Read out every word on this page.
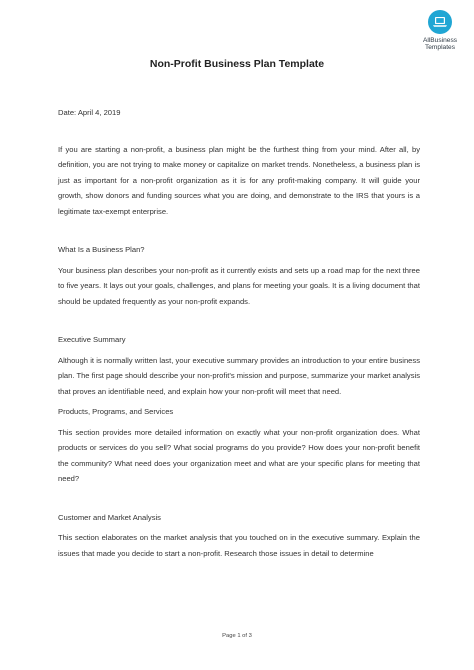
AllBusiness
Templates
Non-Profit Business Plan Template

Date: April 4, 2019

If you are starting a non-profit, a business plan might be the furthest thing from your mind. After all, by definition, you are not trying to make money or capitalize on market trends. Nonetheless, a business plan is just as important for a non-profit organization as it is for any profit-making company. It will guide your growth, show donors and funding sources what you are doing, and demonstrate to the IRS that yours is a legitimate tax-exempt enterprise.

What Is a Business Plan?

Your business plan describes your non-profit as it currently exists and sets up a road map for the next three to five years. It lays out your goals, challenges, and plans for meeting your goals. It is a living document that should be updated frequently as your non-profit expands.

Executive Summary

Although it is normally written last, your executive summary provides an introduction to your entire business plan. The first page should describe your non-profit’s mission and purpose, summarize your market analysis that proves an identifiable need, and explain how your non-profit will meet that need.

Products, Programs, and Services

This section provides more detailed information on exactly what your non-profit organization does. What products or services do you sell? What social programs do you provide? How does your non-profit benefit the community? What need does your organization meet and what are your specific plans for meeting that need?

Customer and Market Analysis

This section elaborates on the market analysis that you touched on in the executive summary. Explain the issues that made you decide to start a non-profit. Research those issues in detail to determine

Page 1 of 3
